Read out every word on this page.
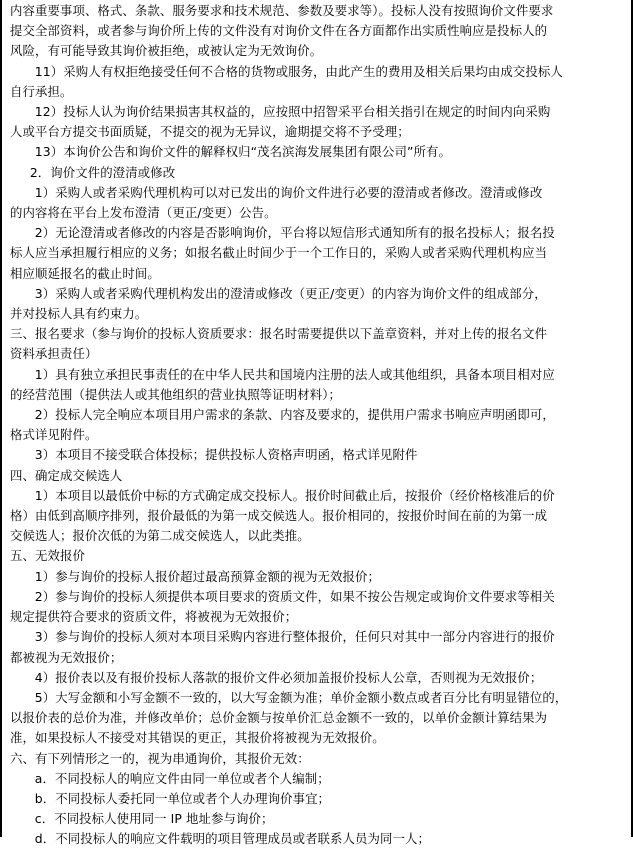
内容重要事项、格式、条款、服务要求和技术规范、参数及要求等）。投标人没有按照询价文件要求

提交全部资料，或者参与询价所上传的文件没有对询价文件在各方面都作出实质性响应是投标人的

风险，有可能导致其询价被拒绝，或被认定为无效询价。

11）采购人有权拒绝接受任何不合格的货物或服务，由此产生的费用及相关后果均由成交投标人

自行承担。

12）投标人认为询价结果损害其权益的，应按照中招智采平台相关指引在规定的时间内向采购

人或平台方提交书面质疑，不提交的视为无异议，逾期提交将不予受理；

13）本询价公告和询价文件的解释权归“茂名滨海发展集团有限公司”所有。

2．询价文件的澄清或修改

1）采购人或者采购代理机构可以对已发出的询价文件进行必要的澄清或者修改。澄清或修改

的内容将在平台上发布澄清（更正/变更）公告。

2）无论澄清或者修改的内容是否影响询价，平台将以短信形式通知所有的报名投标人；报名投

标人应当承担履行相应的义务；如报名截止时间少于一个工作日的，采购人或者采购代理机构应当

相应顺延报名的截止时间。

3）采购人或者采购代理机构发出的澄清或修改（更正/变更）的内容为询价文件的组成部分，

并对投标人具有约束力。

三、报名要求（参与询价的投标人资质要求：报名时需要提供以下盖章资料，并对上传的报名文件

资料承担责任）

1）具有独立承担民事责任的在中华人民共和国境内注册的法人或其他组织，具备本项目相对应

的经营范围（提供法人或其他组织的营业执照等证明材料）；

2）投标人完全响应本项目用户需求的条款、内容及要求的，提供用户需求书响应声明函即可，

格式详见附件。

3）本项目不接受联合体投标；提供投标人资格声明函，格式详见附件

四、确定成交候选人

1）本项目以最低价中标的方式确定成交投标人。报价时间截止后，按报价（经价格核准后的价

格）由低到高顺序排列，报价最低的为第一成交候选人。报价相同的，按报价时间在前的为第一成

交候选人；报价次低的为第二成交候选人，以此类推。

五、无效报价

1）参与询价的投标人报价超过最高预算金额的视为无效报价；

2）参与询价的投标人须提供本项目要求的资质文件，如果不按公告规定或询价文件要求等相关

规定提供符合要求的资质文件，将被视为无效报价；

3）参与询价的投标人须对本项目采购内容进行整体报价，任何只对其中一部分内容进行的报价

都被视为无效报价；

4）报价表以及有报价投标人落款的报价文件必须加盖报价投标人公章，否则视为无效报价；

5）大写金额和小写金额不一致的，以大写金额为准；单价金额小数点或者百分比有明显错位的，

以报价表的总价为准，并修改单价；总价金额与按单价汇总金额不一致的，以单价金额计算结果为

准，如果投标人不接受对其错误的更正，其报价将被视为无效报价。

六、有下列情形之一的，视为串通询价，其报价无效：

a．不同投标人的响应文件由同一单位或者个人编制；

b．不同投标人委托同一单位或者个人办理询价事宜；

c．不同投标人使用同一 IP 地址参与询价；

d．不同投标人的响应文件载明的项目管理成员或者联系人员为同一人；
